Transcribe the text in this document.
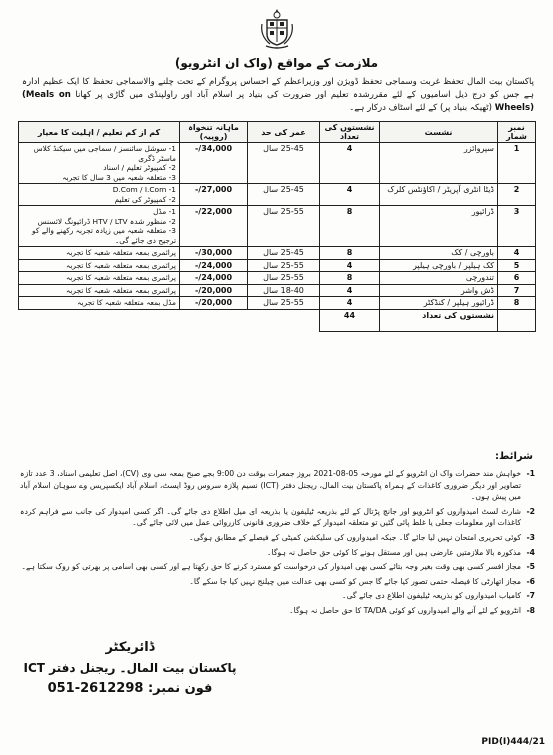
ملازمت کے مواقع (واک ان انٹرویو)
پاکستان بیت المال تحفظ غربت وسماجی تحفظ ڈویژن اور وزیراعظم کے احساس پروگرام کے تحت چلنے والاسماجی تحفظ کا ایک عظیم ادارہ ہے جس کو درج ذیل اسامیوں کے لئے مقررشدہ تعلیم اور ضرورت کی بنیاد پر اسلام آباد اور راولپنڈی میں گاڑی پر کھانا (Meals on Wheels) (ٹھیکہ بنیاد پر) کے لئے اسٹاف درکار ہے۔
نمبر شمار	نشست	نشستوں کی تعداد	عمر کی حد	ماہانہ تنخواہ (روپیہ)	کم از کم تعلیم / اہلیت کا معیار
1	سپروائزر	4	25-45 سال	34,000/-	1- سوشل سائنسز / سماجی میں سیکنڈ کلاس ماسٹر ڈگری
2- کمپیوٹر تعلیم / اسناد
3- متعلقہ شعبہ میں 3 سال کا تجربہ

2	ڈیٹا انٹری آپریٹر / اکاؤنٹس کلرک	4	25-45 سال	27,000/-	D.Com / I.Com -1
2- کمپیوٹر کی تعلیم

3	ڈرائیور	8	25-55 سال	22,000/-	1- مڈل
2- منظور شدہ HTV / LTV ڈرائیونگ لائسنس
3- متعلقہ شعبہ میں زیادہ تجربہ رکھنے والے کو ترجیح دی جائے گی۔

4	باورچی / کک	8	25-45 سال	30,000/-	پرائمری بمعہ متعلقہ شعبہ کا تجربہ

5	کک ہیلپر / باورچی ہیلپر	4	25-55 سال	24,000/-	پرائمری بمعہ متعلقہ شعبہ کا تجربہ

6	تندورچی	8	25-55 سال	24,000/-	پرائمری بمعہ متعلقہ شعبہ کا تجربہ

7	ڈش واشر	4	18-40 سال	20,000/-	پرائمری بمعہ متعلقہ شعبہ کا تجربہ

8	ڈرائیور ہیلپر / کنڈکٹر	4	25-55 سال	20,000/-	مڈل بمعہ متعلقہ شعبہ کا تجربہ

	نشستوں کی تعداد	44			
شرائط:
1-
خواہش مند حضرات واک ان انٹرویو کے لئے مورخہ 05-08-2021 بروز جمعرات بوقت دن 9:00 بجے صبح بمعہ سی وی (CV)، اصل تعلیمی اسناد، 3 عدد تازہ تصاویر اور دیگر ضروری کاغذات کے ہمراہ پاکستان بیت المال، ریجنل دفتر (ICT) نسیم پلازہ سروس روڈ ایسٹ، اسلام آباد ایکسپریس وے سوہان اسلام آباد میں پیش ہوں۔
2-
شارٹ لسٹ امیدواروں کو انٹرویو اور جانچ پڑتال کے لئے بذریعہ ٹیلیفون یا بذریعہ ای میل اطلاع دی جائے گی۔ اگر کسی امیدوار کی جانب سے فراہم کردہ کاغذات اور معلومات جعلی یا غلط پائی گئیں تو متعلقہ امیدوار کے خلاف ضروری قانونی کارروائی عمل میں لائی جائے گی۔
3-
کوئی تحریری امتحان نہیں لیا جائے گا۔ جبکہ امیدواروں کی سلیکشن کمیٹی کے فیصلے کے مطابق ہوگی۔
4-
مذکورہ بالا ملازمتیں عارضی ہیں اور مستقل ہونے کا کوئی حق حاصل نہ ہوگا۔
5-
مجاز افسر کسی بھی وقت بغیر وجہ بتائے کسی بھی امیدوار کی درخواست کو مسترد کرنے کا حق رکھتا ہے اور کسی بھی اسامی پر بھرتی کو روک سکتا ہے۔
6-
مجاز اتھارٹی کا فیصلہ حتمی تصور کیا جائے گا جس کو کسی بھی عدالت میں چیلنج نہیں کیا جا سکے گا۔
7-
کامیاب امیدواروں کو بذریعہ ٹیلیفون اطلاع دی جائے گی۔
8-
انٹرویو کے لئے آنے والے امیدواروں کو کوئی TA/DA کا حق حاصل نہ ہوگا۔
ڈائریکٹر
پاکستان بیت المال۔ ریجنل دفتر ICT
فون نمبر: 051-2612298
PID(I)444/21
